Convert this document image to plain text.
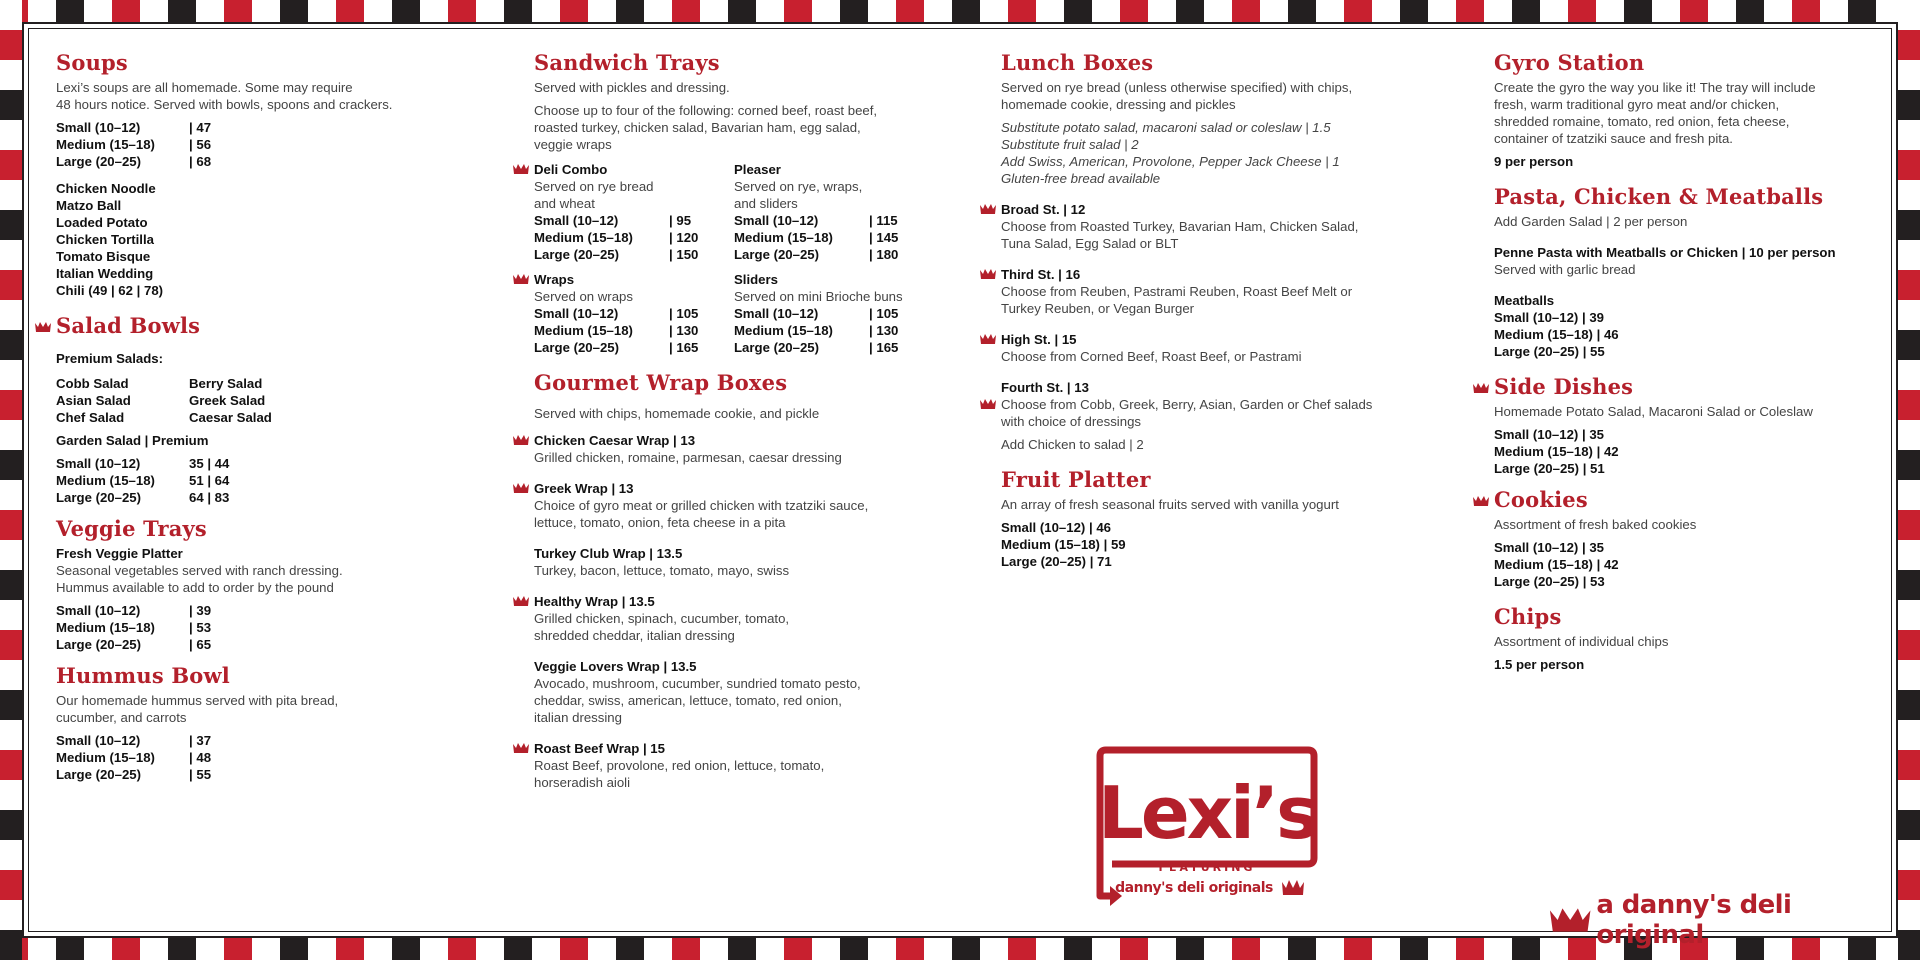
Soups

Lexi’s soups are all homemade. Some may require

48 hours notice. Served with bowls, spoons and crackers.

Small (10–12)	| 47
Medium (15–18)	| 56
Large (20–25)	| 68

Chicken Noodle

Matzo Ball

Loaded Potato

Chicken Tortilla

Tomato Bisque

Italian Wedding

Chili (49 | 62 | 78)

Salad Bowls

Premium Salads:

Cobb Salad	Berry Salad
Asian Salad	Greek Salad
Chef Salad	Caesar Salad

Garden Salad | Premium

Small (10–12)	35 | 44
Medium (15–18)	51 | 64
Large (20–25)	64 | 83
Veggie Trays

Fresh Veggie Platter

Seasonal vegetables served with ranch dressing.

Hummus available to add to order by the pound

Small (10–12)	| 39
Medium (15–18)	| 53
Large (20–25)	| 65
Hummus Bowl

Our homemade hummus served with pita bread,

cucumber, and carrots

Small (10–12)	| 37
Medium (15–18)	| 48
Large (20–25)	| 55
Sandwich Trays

Served with pickles and dressing.

Choose up to four of the following: corned beef, roast beef,

roasted turkey, chicken salad, Bavarian ham, egg salad,

veggie wraps

Deli Combo

Served on rye bread

and wheat

Small (10–12)	| 95
Medium (15–18)	| 120
Large (20–25)	| 150

Pleaser

Served on rye, wraps,

and sliders

Small (10–12)	| 115
Medium (15–18)	| 145
Large (20–25)	| 180

Wraps

Served on wraps

Small (10–12)	| 105
Medium (15–18)	| 130
Large (20–25)	| 165

Sliders

Served on mini Brioche buns

Small (10–12)	| 105
Medium (15–18)	| 130
Large (20–25)	| 165
Gourmet Wrap Boxes

Served with chips, homemade cookie, and pickle

Chicken Caesar Wrap | 13

Grilled chicken, romaine, parmesan, caesar dressing

Greek Wrap | 13

Choice of gyro meat or grilled chicken with tzatziki sauce,

lettuce, tomato, onion, feta cheese in a pita

Turkey Club Wrap | 13.5

Turkey, bacon, lettuce, tomato, mayo, swiss

Healthy Wrap | 13.5

Grilled chicken, spinach, cucumber, tomato,

shredded cheddar, italian dressing

Veggie Lovers Wrap | 13.5

Avocado, mushroom, cucumber, sundried tomato pesto,

cheddar, swiss, american, lettuce, tomato, red onion,

italian dressing

Roast Beef Wrap | 15

Roast Beef, provolone, red onion, lettuce, tomato,

horseradish aioli

Lunch Boxes

Served on rye bread (unless otherwise specified) with chips,

homemade cookie, dressing and pickles

Substitute potato salad, macaroni salad or coleslaw | 1.5

Substitute fruit salad | 2

Add Swiss, American, Provolone, Pepper Jack Cheese | 1

Gluten-free bread available

Broad St. | 12

Choose from Roasted Turkey, Bavarian Ham, Chicken Salad,

Tuna Salad, Egg Salad or BLT

Third St. | 16

Choose from Reuben, Pastrami Reuben, Roast Beef Melt or

Turkey Reuben, or Vegan Burger

High St. | 15

Choose from Corned Beef, Roast Beef, or Pastrami

Fourth St. | 13

Choose from Cobb, Greek, Berry, Asian, Garden or Chef salads

with choice of dressings

Add Chicken to salad | 2

Fruit Platter

An array of fresh seasonal fruits served with vanilla yogurt

Small (10–12) | 46

Medium (15–18) | 59

Large (20–25) | 71

Gyro Station

Create the gyro the way you like it! The tray will include

fresh, warm traditional gyro meat and/or chicken,

shredded romaine, tomato, red onion, feta cheese,

container of tzatziki sauce and fresh pita.

9 per person

Pasta, Chicken & Meatballs

Add Garden Salad | 2 per person

Penne Pasta with Meatballs or Chicken | 10 per person

Served with garlic bread

Meatballs

Small (10–12) | 39

Medium (15–18) | 46

Large (20–25) | 55

Side Dishes

Homemade Potato Salad, Macaroni Salad or Coleslaw

Small (10–12) | 35

Medium (15–18) | 42

Large (20–25) | 51

Cookies

Assortment of fresh baked cookies

Small (10–12) | 35

Medium (15–18) | 42

Large (20–25) | 53

Chips

Assortment of individual chips

1.5 per person

Lexi’s
FEATURING
danny's deli originals
a danny's deli original
